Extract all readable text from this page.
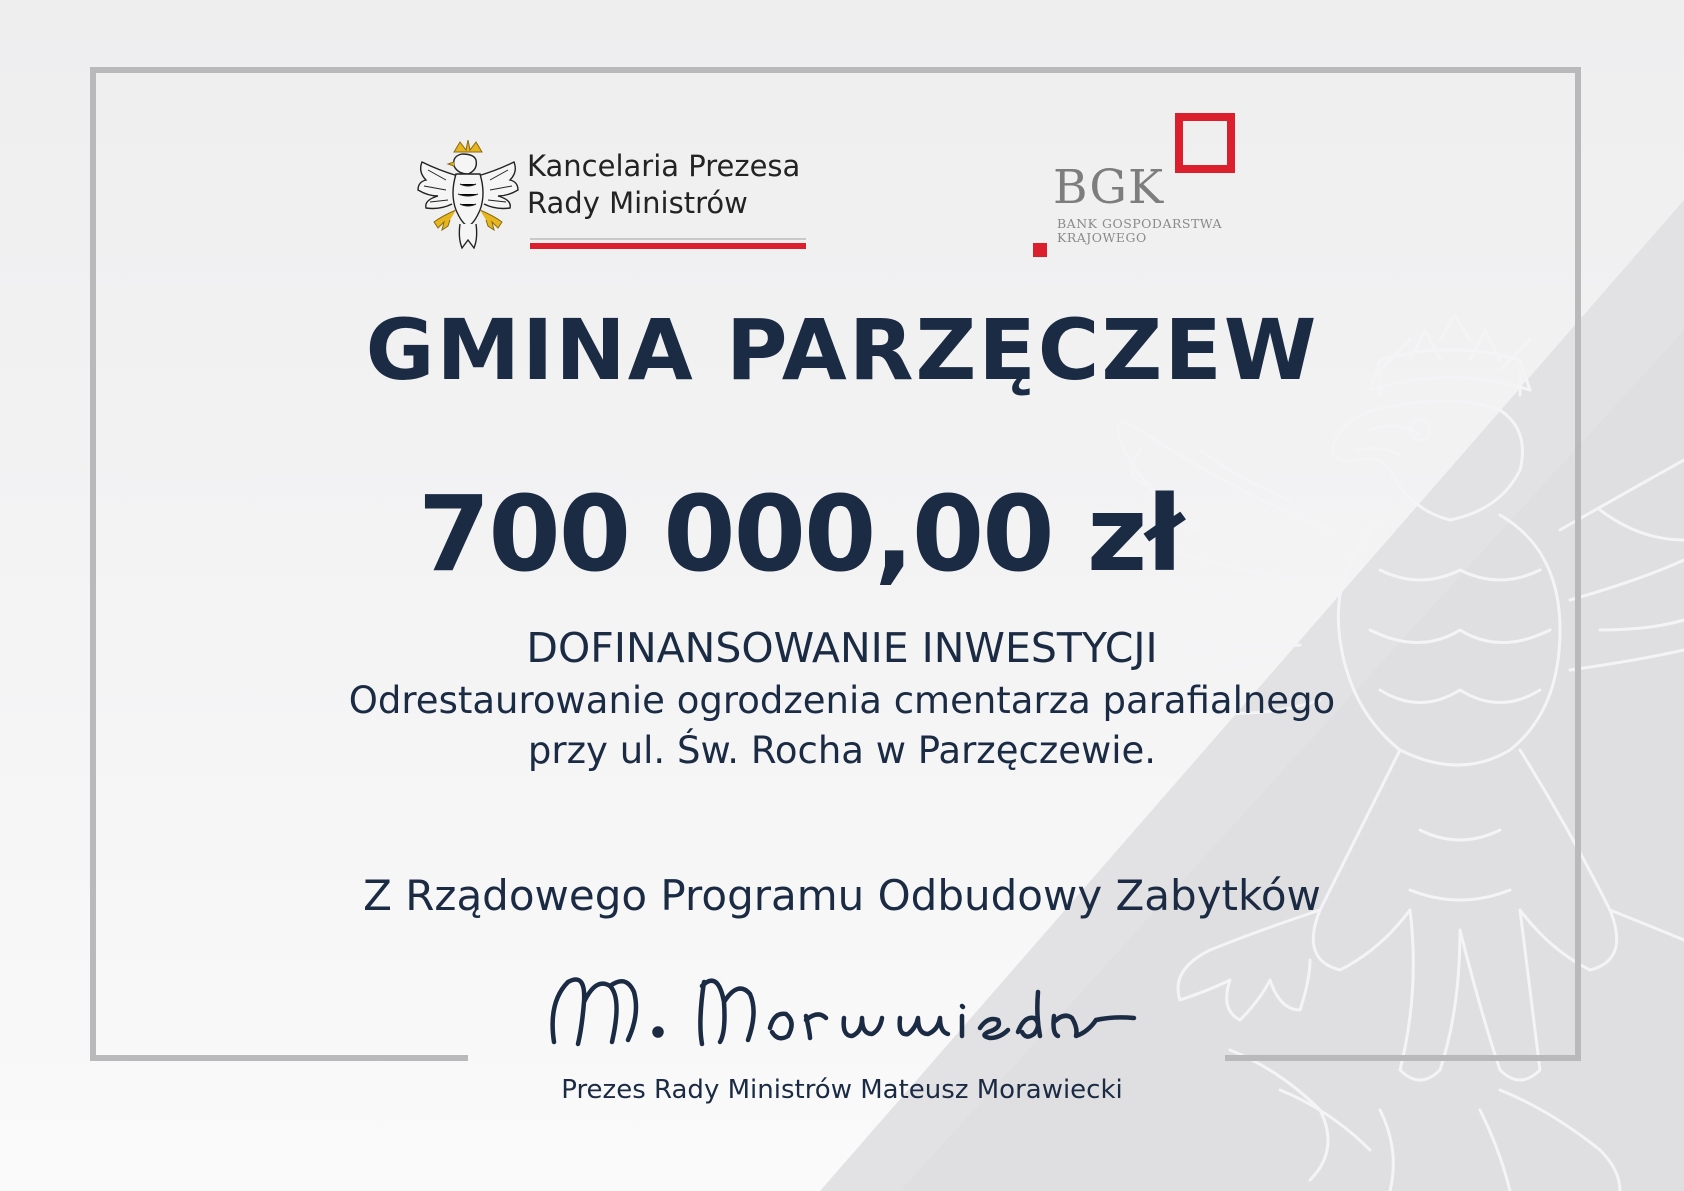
Kancelaria Prezesa
Rady Ministrów	BGK
BANK GOSPODARSTWA
KRAJOWEGO
GMINA PARZĘCZEW
700 000,00 zł
DOFINANSOWANIE INWESTYCJI
Odrestaurowanie ogrodzenia cmentarza parafialnego
przy ul. Św. Rocha w Parzęczewie.
Z Rządowego Programu Odbudowy Zabytków
Prezes Rady Ministrów Mateusz Morawiecki
